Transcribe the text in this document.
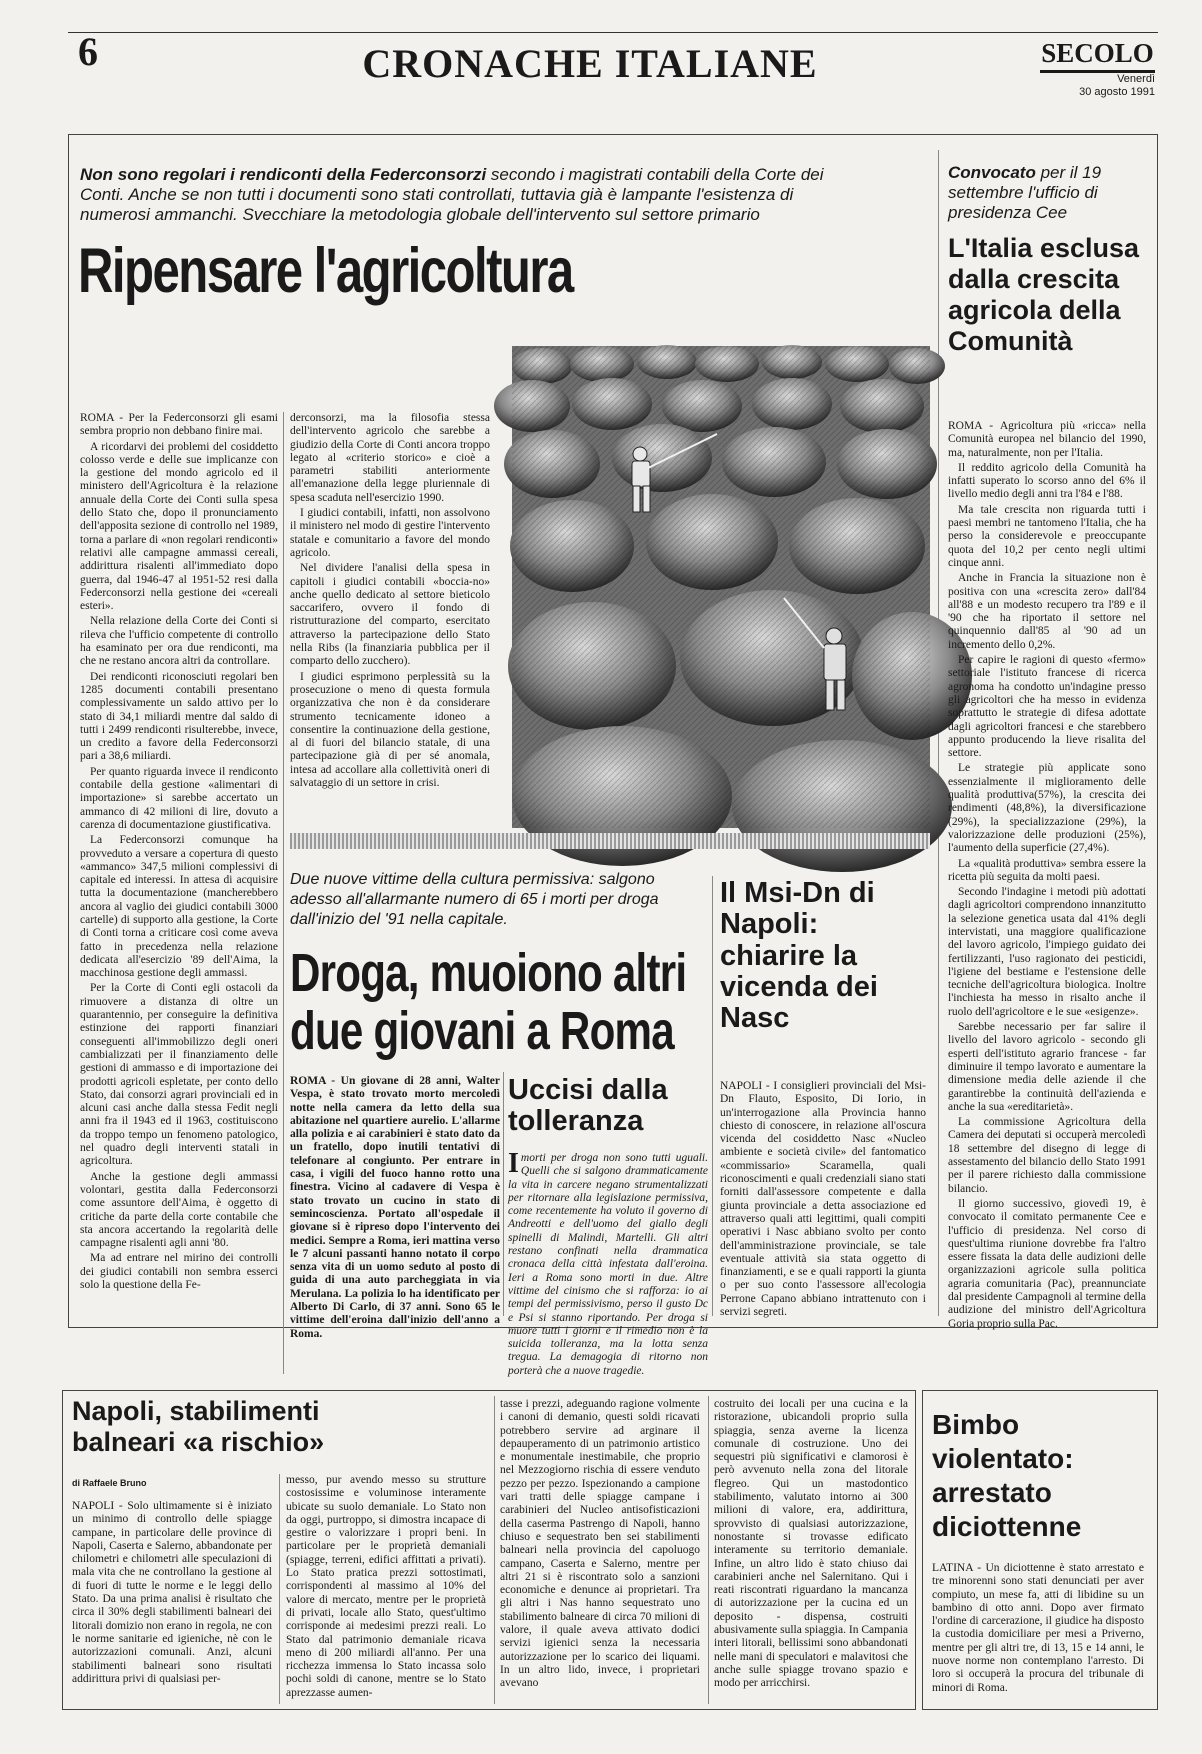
6	CRONACHE ITALIANE	SECOLO
Venerdì
30 agosto 1991
Non sono regolari i rendiconti della Federconsorzi secondo i magistrati contabili della Corte dei Conti. Anche se non tutti i documenti sono stati controllati, tuttavia già è lampante l'esistenza di numerosi ammanchi. Svecchiare la metodologia globale dell'intervento sul settore primario
Ripensare l'agricoltura

ROMA - Per la Federconsorzi gli esami sembra proprio non debbano finire mai.

A ricordarvi dei problemi del cosiddetto colosso verde e delle sue implicanze con la gestione del mondo agricolo ed il ministero dell'Agricoltura è la relazione annuale della Corte dei Conti sulla spesa dello Stato che, dopo il pronunciamento dell'apposita sezione di controllo nel 1989, torna a parlare di «non regolari rendiconti» relativi alle campagne ammassi cereali, addirittura risalenti all'immediato dopo guerra, dal 1946-47 al 1951-52 resi dalla Federconsorzi nella gestione dei «cereali esteri».

Nella relazione della Corte dei Conti si rileva che l'ufficio competente di controllo ha esaminato per ora due rendiconti, ma che ne restano ancora altri da controllare.

Dei rendiconti riconosciuti regolari ben 1285 documenti contabili presentano complessivamente un saldo attivo per lo stato di 34,1 miliardi mentre dal saldo di tutti i 2499 rendiconti risulterebbe, invece, un credito a favore della Federconsorzi pari a 38,6 miliardi.

Per quanto riguarda invece il rendiconto contabile della gestione «alimentari di importazione» si sarebbe accertato un ammanco di 42 milioni di lire, dovuto a carenza di documentazione giustificativa.

La Federconsorzi comunque ha provveduto a versare a copertura di questo «ammanco» 347,5 milioni complessivi di capitale ed interessi. In attesa di acquisire tutta la documentazione (mancherebbero ancora al vaglio dei giudici contabili 3000 cartelle) di supporto alla gestione, la Corte di Conti torna a criticare così come aveva fatto in precedenza nella relazione dedicata all'esercizio '89 dell'Aima, la macchinosa gestione degli ammassi.

Per la Corte di Conti egli ostacoli da rimuovere a distanza di oltre un quarantennio, per conseguire la definitiva estinzione dei rapporti finanziari conseguenti all'immobilizzo degli oneri cambializzati per il finanziamento delle gestioni di ammasso e di importazione dei prodotti agricoli espletate, per conto dello Stato, dai consorzi agrari provinciali ed in alcuni casi anche dalla stessa Fedit negli anni fra il 1943 ed il 1963, costituiscono da troppo tempo un fenomeno patologico, nel quadro degli interventi statali in agricoltura.

Anche la gestione degli ammassi volontari, gestita dalla Federconsorzi come assuntore dell'Aima, è oggetto di critiche da parte della corte contabile che sta ancora accertando la regolarità delle campagne risalenti agli anni '80.

Ma ad entrare nel mirino dei controlli dei giudici contabili non sembra esserci solo la questione della Fe-

derconsorzi, ma la filosofia stessa dell'intervento agricolo che sarebbe a giudizio della Corte di Conti ancora troppo legato al «criterio storico» e cioè a parametri stabiliti anteriormente all'emanazione della legge pluriennale di spesa scaduta nell'esercizio 1990.

I giudici contabili, infatti, non assolvono il ministero nel modo di gestire l'intervento statale e comunitario a favore del mondo agricolo.

Nel dividere l'analisi della spesa in capitoli i giudici contabili «boccia-no» anche quello dedicato al settore bieticolo saccarifero, ovvero il fondo di ristrutturazione del comparto, esercitato attraverso la partecipazione dello Stato nella Ribs (la finanziaria pubblica per il comparto dello zucchero).

I giudici esprimono perplessità su la prosecuzione o meno di questa formula organizzativa che non è da considerare strumento tecnicamente idoneo a consentire la continuazione della gestione, al di fuori del bilancio statale, di una partecipazione già di per sé anomala, intesa ad accollare alla collettività oneri di salvataggio di un settore in crisi.

Due nuove vittime della cultura permissiva: salgono adesso all'allarmante numero di 65 i morti per droga dall'inizio del '91 nella capitale.
Droga, muoiono altri due giovani a Roma
ROMA - Un giovane di 28 anni, Walter Vespa, è stato trovato morto mercoledì notte nella camera da letto della sua abitazione nel quartiere aurelio. L'allarme alla polizia e ai carabinieri è stato dato da un fratello, dopo inutili tentativi di telefonare al congiunto. Per entrare in casa, i vigili del fuoco hanno rotto una finestra. Vicino al cadavere di Vespa è stato trovato un cucino in stato di semincoscienza. Portato all'ospedale il giovane si è ripreso dopo l'intervento dei medici. Sempre a Roma, ieri mattina verso le 7 alcuni passanti hanno notato il corpo senza vita di un uomo seduto al posto di guida di una auto parcheggiata in via Merulana. La polizia lo ha identificato per Alberto Di Carlo, di 37 anni. Sono 65 le vittime dell'eroina dall'inizio dell'anno a Roma.
Uccisi dalla tolleranza
Imorti per droga non sono tutti uguali. Quelli che si salgono drammaticamente la vita in carcere negano strumentalizzati per ritornare alla legislazione permissiva, come recentemente ha voluto il governo di Andreotti e dell'uomo del giallo degli spinelli di Malindi, Martelli. Gli altri restano confinati nella drammatica cronaca della città infestata dall'eroina. Ieri a Roma sono morti in due. Altre vittime del cinismo che si rafforza: io ai tempi del permissivismo, perso il gusto Dc e Psi si stanno riportando. Per droga si muore tutti i giorni e il rimedio non è la suicida tolleranza, ma la lotta senza tregua. La demagogia di ritorno non porterà che a nuove tragedie.
Il Msi-Dn di Napoli: chiarire la vicenda dei Nasc
NAPOLI - I consiglieri provinciali del Msi-Dn Flauto, Esposito, Di Iorio, in un'interrogazione alla Provincia hanno chiesto di conoscere, in relazione all'oscura vicenda del cosiddetto Nasc «Nucleo ambiente e società civile» del fantomatico «commissario» Scaramella, quali riconoscimenti e quali credenziali siano stati forniti dall'assessore competente e dalla giunta provinciale a detta associazione ed attraverso quali atti legittimi, quali compiti operativi i Nasc abbiano svolto per conto dell'amministrazione provinciale, se tale eventuale attività sia stata oggetto di finanziamenti, e se e quali rapporti la giunta o per suo conto l'assessore all'ecologia Perrone Capano abbiano intrattenuto con i servizi segreti.
Convocato per il 19 settembre l'ufficio di presidenza Cee
L'Italia esclusa dalla crescita agricola della Comunità

ROMA - Agricoltura più «ricca» nella Comunità europea nel bilancio del 1990, ma, naturalmente, non per l'Italia.

Il reddito agricolo della Comunità ha infatti superato lo scorso anno del 6% il livello medio degli anni tra l'84 e l'88.

Ma tale crescita non riguarda tutti i paesi membri ne tantomeno l'Italia, che ha perso la considerevole e preoccupante quota del 10,2 per cento negli ultimi cinque anni.

Anche in Francia la situazione non è positiva con una «crescita zero» dall'84 all'88 e un modesto recupero tra l'89 e il '90 che ha riportato il settore nel quinquennio dall'85 al '90 ad un incremento dello 0,2%.

Per capire le ragioni di questo «fermo» settoriale l'istituto francese di ricerca agronoma ha condotto un'indagine presso gli agricoltori che ha messo in evidenza soprattutto le strategie di difesa adottate dagli agricoltori francesi e che starebbero appunto producendo la lieve risalita del settore.

Le strategie più applicate sono essenzialmente il miglioramento delle qualità produttiva(57%), la crescita dei rendimenti (48,8%), la diversificazione (29%), la specializzazione (29%), la valorizzazione delle produzioni (25%), l'aumento della superficie (27,4%).

La «qualità produttiva» sembra essere la ricetta più seguita da molti paesi.

Secondo l'indagine i metodi più adottati dagli agricoltori comprendono innanzitutto la selezione genetica usata dal 41% degli intervistati, una maggiore qualificazione del lavoro agricolo, l'impiego guidato dei fertilizzanti, l'uso ragionato dei pesticidi, l'igiene del bestiame e l'estensione delle tecniche dell'agricoltura biologica. Inoltre l'inchiesta ha messo in risalto anche il ruolo dell'agricoltore e le sue «esigenze».

Sarebbe necessario per far salire il livello del lavoro agricolo - secondo gli esperti dell'istituto agrario francese - far diminuire il tempo lavorato e aumentare la dimensione media delle aziende il che garantirebbe la continuità dell'azienda e anche la sua «ereditarietà».

La commissione Agricoltura della Camera dei deputati si occuperà mercoledì 18 settembre del disegno di legge di assestamento del bilancio dello Stato 1991 per il parere richiesto dalla commissione bilancio.

Il giorno successivo, giovedì 19, è convocato il comitato permanente Cee e l'ufficio di presidenza. Nel corso di quest'ultima riunione dovrebbe fra l'altro essere fissata la data delle audizioni delle organizzazioni agricole sulla politica agraria comunitaria (Pac), preannunciate dal presidente Campagnoli al termine della audizione del ministro dell'Agricoltura Goria proprio sulla Pac.

Napoli, stabilimenti balneari «a rischio»
di Raffaele Bruno
NAPOLI - Solo ultimamente si è iniziato un minimo di controllo delle spiagge campane, in particolare delle province di Napoli, Caserta e Salerno, abbandonate per chilometri e chilometri alle speculazioni di mala vita che ne controllano la gestione al di fuori di tutte le norme e le leggi dello Stato. Da una prima analisi è risultato che circa il 30% degli stabilimenti balneari dei litorali domizio non erano in regola, ne con le norme sanitarie ed igieniche, nè con le autorizzazioni comunali. Anzi, alcuni stabilimenti balneari sono risultati addirittura privi di qualsiasi per-
messo, pur avendo messo su strutture costosissime e voluminose interamente ubicate su suolo demaniale. Lo Stato non da oggi, purtroppo, si dimostra incapace di gestire o valorizzare i propri beni. In particolare per le proprietà demaniali (spiagge, terreni, edifici affittati a privati). Lo Stato pratica prezzi sottostimati, corrispondenti al massimo al 10% del valore di mercato, mentre per le proprietà di privati, locale allo Stato, quest'ultimo corrisponde ai medesimi prezzi reali. Lo Stato dal patrimonio demaniale ricava meno di 200 miliardi all'anno. Per una ricchezza immensa lo Stato incassa solo pochi soldi di canone, mentre se lo Stato aprezzasse aumen-
tasse i prezzi, adeguando ragione volmente i canoni di demanio, questi soldi ricavati potrebbero servire ad arginare il depauperamento di un patrimonio artistico e monumentale inestimabile, che proprio nel Mezzogiorno rischia di essere venduto pezzo per pezzo. Ispezionando a campione vari tratti delle spiagge campane i carabinieri del Nucleo antisofisticazioni della caserma Pastrengo di Napoli, hanno chiuso e sequestrato ben sei stabilimenti balneari nella provincia del capoluogo campano, Caserta e Salerno, mentre per altri 21 si è riscontrato solo a sanzioni economiche e denunce ai proprietari. Tra gli altri i Nas hanno sequestrato uno stabilimento balneare di circa 70 milioni di valore, il quale aveva attivato dodici servizi igienici senza la necessaria autorizzazione per lo scarico dei liquami. In un altro lido, invece, i proprietari avevano
costruito dei locali per una cucina e la ristorazione, ubicandoli proprio sulla spiaggia, senza averne la licenza comunale di costruzione. Uno dei sequestri più significativi e clamorosi è però avvenuto nella zona del litorale flegreo. Qui un mastodontico stabilimento, valutato intorno ai 300 milioni di valore, era, addirittura, sprovvisto di qualsiasi autorizzazione, nonostante si trovasse edificato interamente su territorio demaniale. Infine, un altro lido è stato chiuso dai carabinieri anche nel Salernitano. Qui i reati riscontrati riguardano la mancanza di autorizzazione per la cucina ed un deposito - dispensa, costruiti abusivamente sulla spiaggia. In Campania interi litorali, bellissimi sono abbandonati nelle mani di speculatori e malavitosi che anche sulle spiagge trovano spazio e modo per arricchirsi.
Bimbo violentato: arrestato diciottenne
LATINA - Un diciottenne è stato arrestato e tre minorenni sono stati denunciati per aver compiuto, un mese fa, atti di libidine su un bambino di otto anni. Dopo aver firmato l'ordine di carcerazione, il giudice ha disposto la custodia domiciliare per mesi a Priverno, mentre per gli altri tre, di 13, 15 e 14 anni, le nuove norme non contemplano l'arresto. Di loro si occuperà la procura del tribunale di minori di Roma.
